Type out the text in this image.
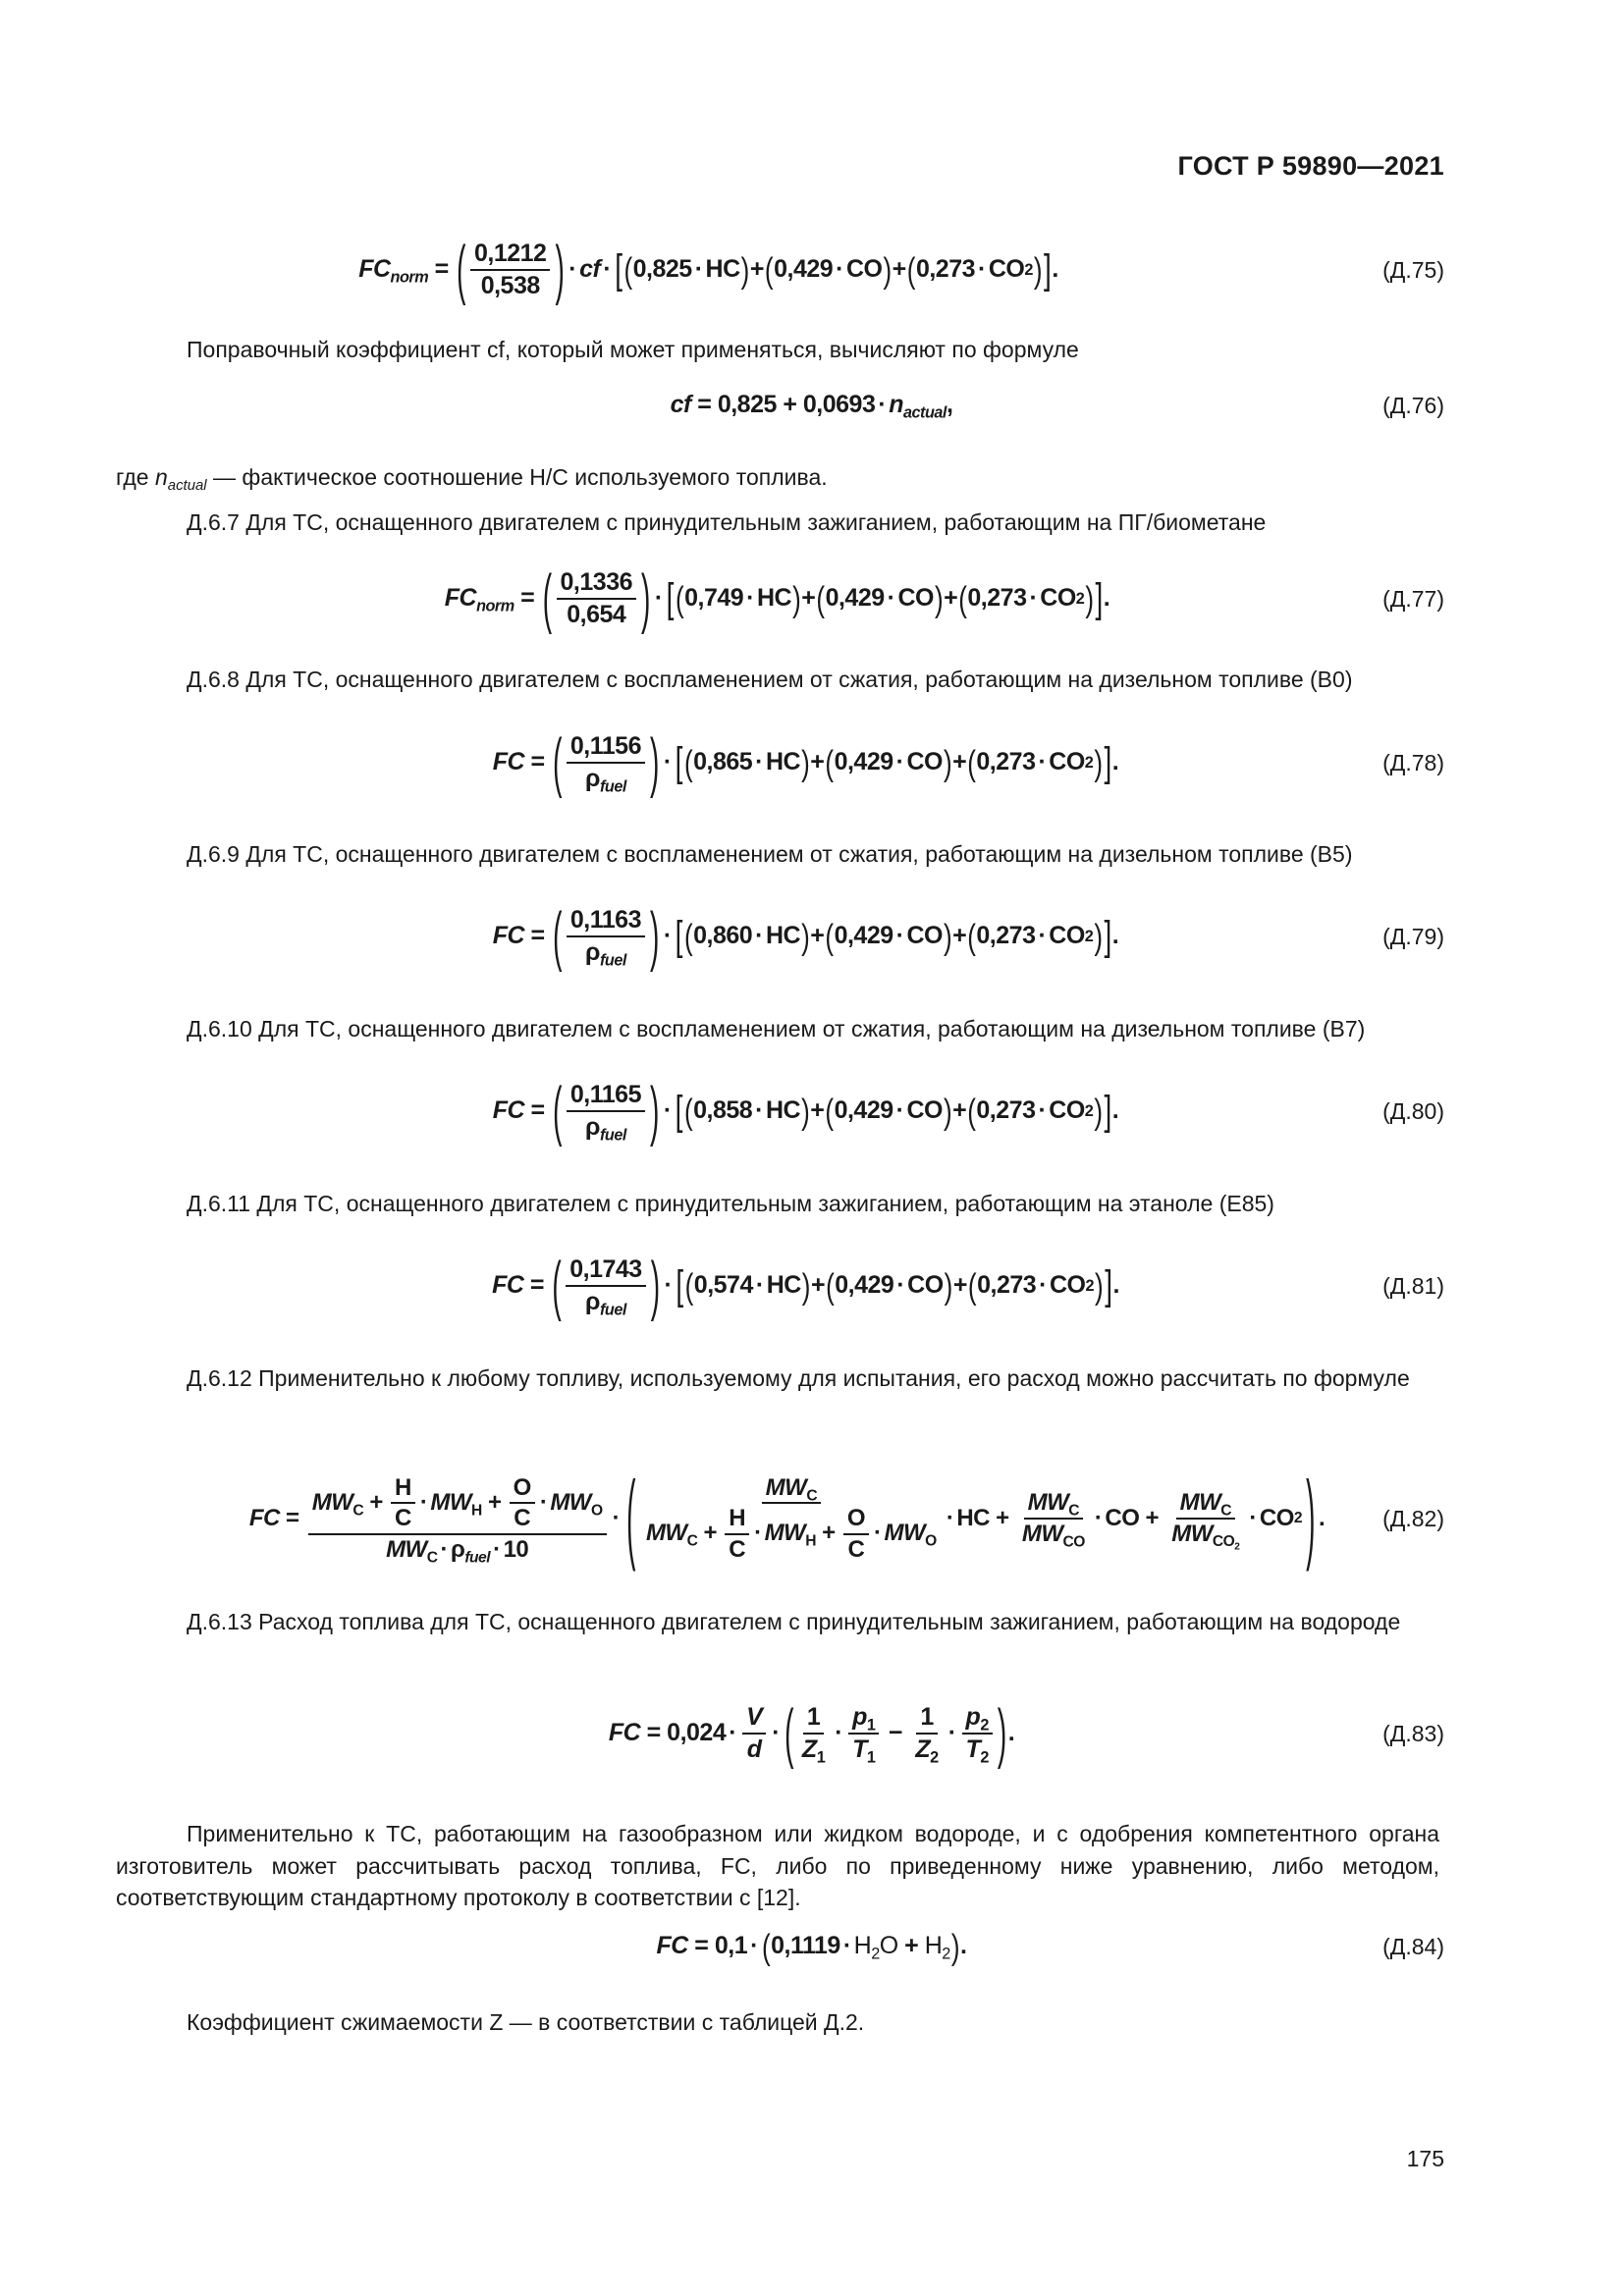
ГОСТ Р 59890—2021
$FC_{norm}$ = ( $\frac{0,1212}{0,538}$ ) · cf · [ ( 0,825 · HC ) + ( 0,429 · CO ) + ( 0,273 · CO 2 ) ] .	(Д.75)
Поправочный коэффициент cf, который может применяться, вычисляют по формуле
cf = $0,825 + 0,0693 \cdot n_{actual}$ ,	(Д.76)
где $n_{actual}$ — фактическое соотношение Н/С используемого топлива.
Д.6.7 Для ТС, оснащенного двигателем с принудительным зажиганием, работающим на ПГ/биометане
$FC_{norm}$ = ( $\frac{0,1336}{0,654}$ ) · [ ( 0,749 · HC ) + ( 0,429 · CO ) + ( 0,273 · CO 2 ) ] .	(Д.77)
Д.6.8 Для ТС, оснащенного двигателем с воспламенением от сжатия, работающим на дизельном топливе (В0)
FC = ( $\frac{0,1156}{\rho_{fuel}}$ ) · [ ( 0,865 · HC ) + ( 0,429 · CO ) + ( 0,273 · CO 2 ) ] .	(Д.78)
Д.6.9 Для ТС, оснащенного двигателем с воспламенением от сжатия, работающим на дизельном топливе (В5)
FC = ( $\frac{0,1163}{\rho_{fuel}}$ ) · [ ( 0,860 · HC ) + ( 0,429 · CO ) + ( 0,273 · CO 2 ) ] .	(Д.79)
Д.6.10 Для ТС, оснащенного двигателем с воспламенением от сжатия, работающим на дизельном топливе (В7)
FC = ( $\frac{0,1165}{\rho_{fuel}}$ ) · [ ( 0,858 · HC ) + ( 0,429 · CO ) + ( 0,273 · CO 2 ) ] .	(Д.80)
Д.6.11 Для ТС, оснащенного двигателем с принудительным зажиганием, работающим на этаноле (Е85)
FC = ( $\frac{0,1743}{\rho_{fuel}}$ ) · [ ( 0,574 · HC ) + ( 0,429 · CO ) + ( 0,273 · CO 2 ) ] .	(Д.81)
Д.6.12 Применительно к любому топливу, используемому для испытания, его расход можно рассчитать по формуле
FC = $\frac{MW_C + \frac{H}{C} \cdot MW_H + \frac{O}{C} \cdot MW_O}{MW_C \cdot \rho_{fuel} \cdot 10}$ · ( $\frac{MW_C}{MW_C + \frac{H}{C} \cdot MW_H + \frac{O}{C} \cdot MW_O}$ · HC + $\frac{MW_C}{MW_{CO}}$ · CO + $\frac{MW_C}{MW_{CO_2}}$ · CO 2 ) .	(Д.82)
Д.6.13 Расход топлива для ТС, оснащенного двигателем с принудительным зажиганием, работающим на водороде
FC = $0,024 \cdot \frac{V}{d}$ · ( $\frac{1}{Z_1} \cdot \frac{p_1}{T_1} - \frac{1}{Z_2} \cdot \frac{p_2}{T_2}$ ) .	(Д.83)
Применительно к ТС, работающим на газообразном или жидком водороде, и с одобрения компетентного органа изготовитель может рассчитывать расход топлива, FC, либо по приведенному ниже уравнению, либо методом, соответствующим стандартному протоколу в соответствии с [12].
FC = 0,1 · ( $0,1119 \cdot H_2O + H_2$ ) .	(Д.84)
Коэффициент сжимаемости Z — в соответствии с таблицей Д.2.
175
